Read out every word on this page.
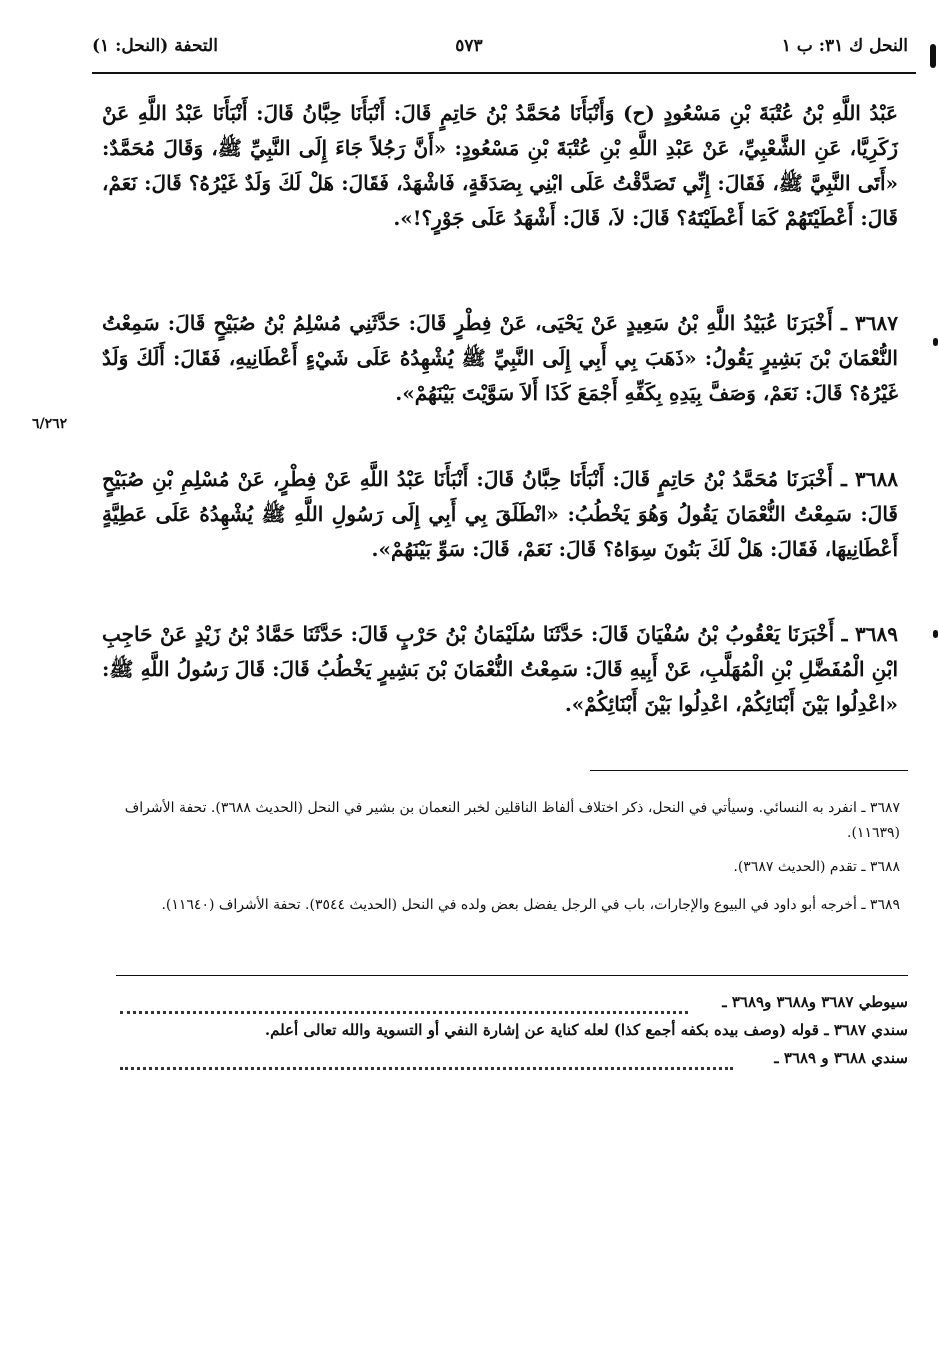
النحل ك ٣١: ب ١
٥٧٣
التحفة (النحل: ١)
عَبْدُ اللَّهِ بْنُ عُتْبَةَ بْنِ مَسْعُودٍ (ح) وَأَنْبَأَنَا مُحَمَّدُ بْنُ حَاتِمٍ قَالَ: أَنْبَأَنَا حِبَّانُ قَالَ: أَنْبَأَنَا عَبْدُ اللَّهِ عَنْ زَكَرِيَّا، عَنِ الشَّعْبِيِّ، عَنْ عَبْدِ اللَّهِ بْنِ عُتْبَةَ بْنِ مَسْعُودٍ: «أَنَّ رَجُلاً جَاءَ إِلَى النَّبِيِّ ﷺ، وَقَالَ مُحَمَّدٌ: «أَتَى النَّبِيَّ ﷺ، فَقَالَ: إِنِّي تَصَدَّقْتُ عَلَى ابْنِي بِصَدَقَةٍ، فَاشْهَدْ، فَقَالَ: هَلْ لَكَ وَلَدٌ غَيْرُهُ؟ قَالَ: نَعَمْ، قَالَ: أَعْطَيْتَهُمْ كَمَا أَعْطَيْتَهُ؟ قَالَ: لاَ، قَالَ: أَشْهَدُ عَلَى جَوْرٍ؟!».
٣٦٨٧ ـ أَخْبَرَنَا عُبَيْدُ اللَّهِ بْنُ سَعِيدٍ عَنْ يَحْيَى، عَنْ فِطْرٍ قَالَ: حَدَّثَنِي مُسْلِمُ بْنُ صُبَيْحٍ قَالَ: سَمِعْتُ النُّعْمَانَ بْنَ بَشِيرٍ يَقُولُ: «ذَهَبَ بِي أَبِي إِلَى النَّبِيِّ ﷺ يُشْهِدُهُ عَلَى شَيْءٍ أَعْطَانِيهِ، فَقَالَ: أَلَكَ وَلَدٌ غَيْرُهُ؟ قَالَ: نَعَمْ، وَصَفَّ بِيَدِهِ بِكَفِّهِ أَجْمَعَ كَذَا أَلاَ سَوَّيْتَ بَيْنَهُمْ».
٣٦٨٨ ـ أَخْبَرَنَا مُحَمَّدُ بْنُ حَاتِمٍ قَالَ: أَنْبَأَنَا حِبَّانُ قَالَ: أَنْبَأَنَا عَبْدُ اللَّهِ عَنْ فِطْرٍ، عَنْ مُسْلِمِ بْنِ صُبَيْحٍ قَالَ: سَمِعْتُ النُّعْمَانَ يَقُولُ وَهُوَ يَخْطُبُ: «انْطَلَقَ بِي أَبِي إِلَى رَسُولِ اللَّهِ ﷺ يُشْهِدُهُ عَلَى عَطِيَّةٍ أَعْطَانِيهَا، فَقَالَ: هَلْ لَكَ بَنُونَ سِوَاهُ؟ قَالَ: نَعَمْ، قَالَ: سَوِّ بَيْنَهُمْ».
٣٦٨٩ ـ أَخْبَرَنَا يَعْقُوبُ بْنُ سُفْيَانَ قَالَ: حَدَّثَنَا سُلَيْمَانُ بْنُ حَرْبٍ قَالَ: حَدَّثَنَا حَمَّادُ بْنُ زَيْدٍ عَنْ حَاجِبِ ابْنِ الْمُفَضَّلِ بْنِ الْمُهَلَّبِ، عَنْ أَبِيهِ قَالَ: سَمِعْتُ النُّعْمَانَ بْنَ بَشِيرٍ يَخْطُبُ قَالَ: قَالَ رَسُولُ اللَّهِ ﷺ: «اعْدِلُوا بَيْنَ أَبْنَائِكُمْ، اعْدِلُوا بَيْنَ أَبْنَائِكُمْ».
٦/٢٦٢
٣٦٨٧ ـ انفرد به النسائي. وسيأتي في النحل، ذكر اختلاف ألفاظ الناقلين لخبر النعمان بن بشير في النحل (الحديث ٣٦٨٨). تحفة الأشراف (١١٦٣٩).
٣٦٨٨ ـ تقدم (الحديث ٣٦٨٧).
٣٦٨٩ ـ أخرجه أبو داود في البيوع والإجارات، باب في الرجل يفضل بعض ولده في النحل (الحديث ٣٥٤٤). تحفة الأشراف (١١٦٤٠).
سيوطي ٣٦٨٧ و٣٦٨٨ و٣٦٨٩ ـ
سندي ٣٦٨٧ ـ قوله (وصف بيده بكفه أجمع كذا) لعله كناية عن إشارة النفي أو التسوية والله تعالى أعلم.
سندي ٣٦٨٨ و ٣٦٨٩ ـ
